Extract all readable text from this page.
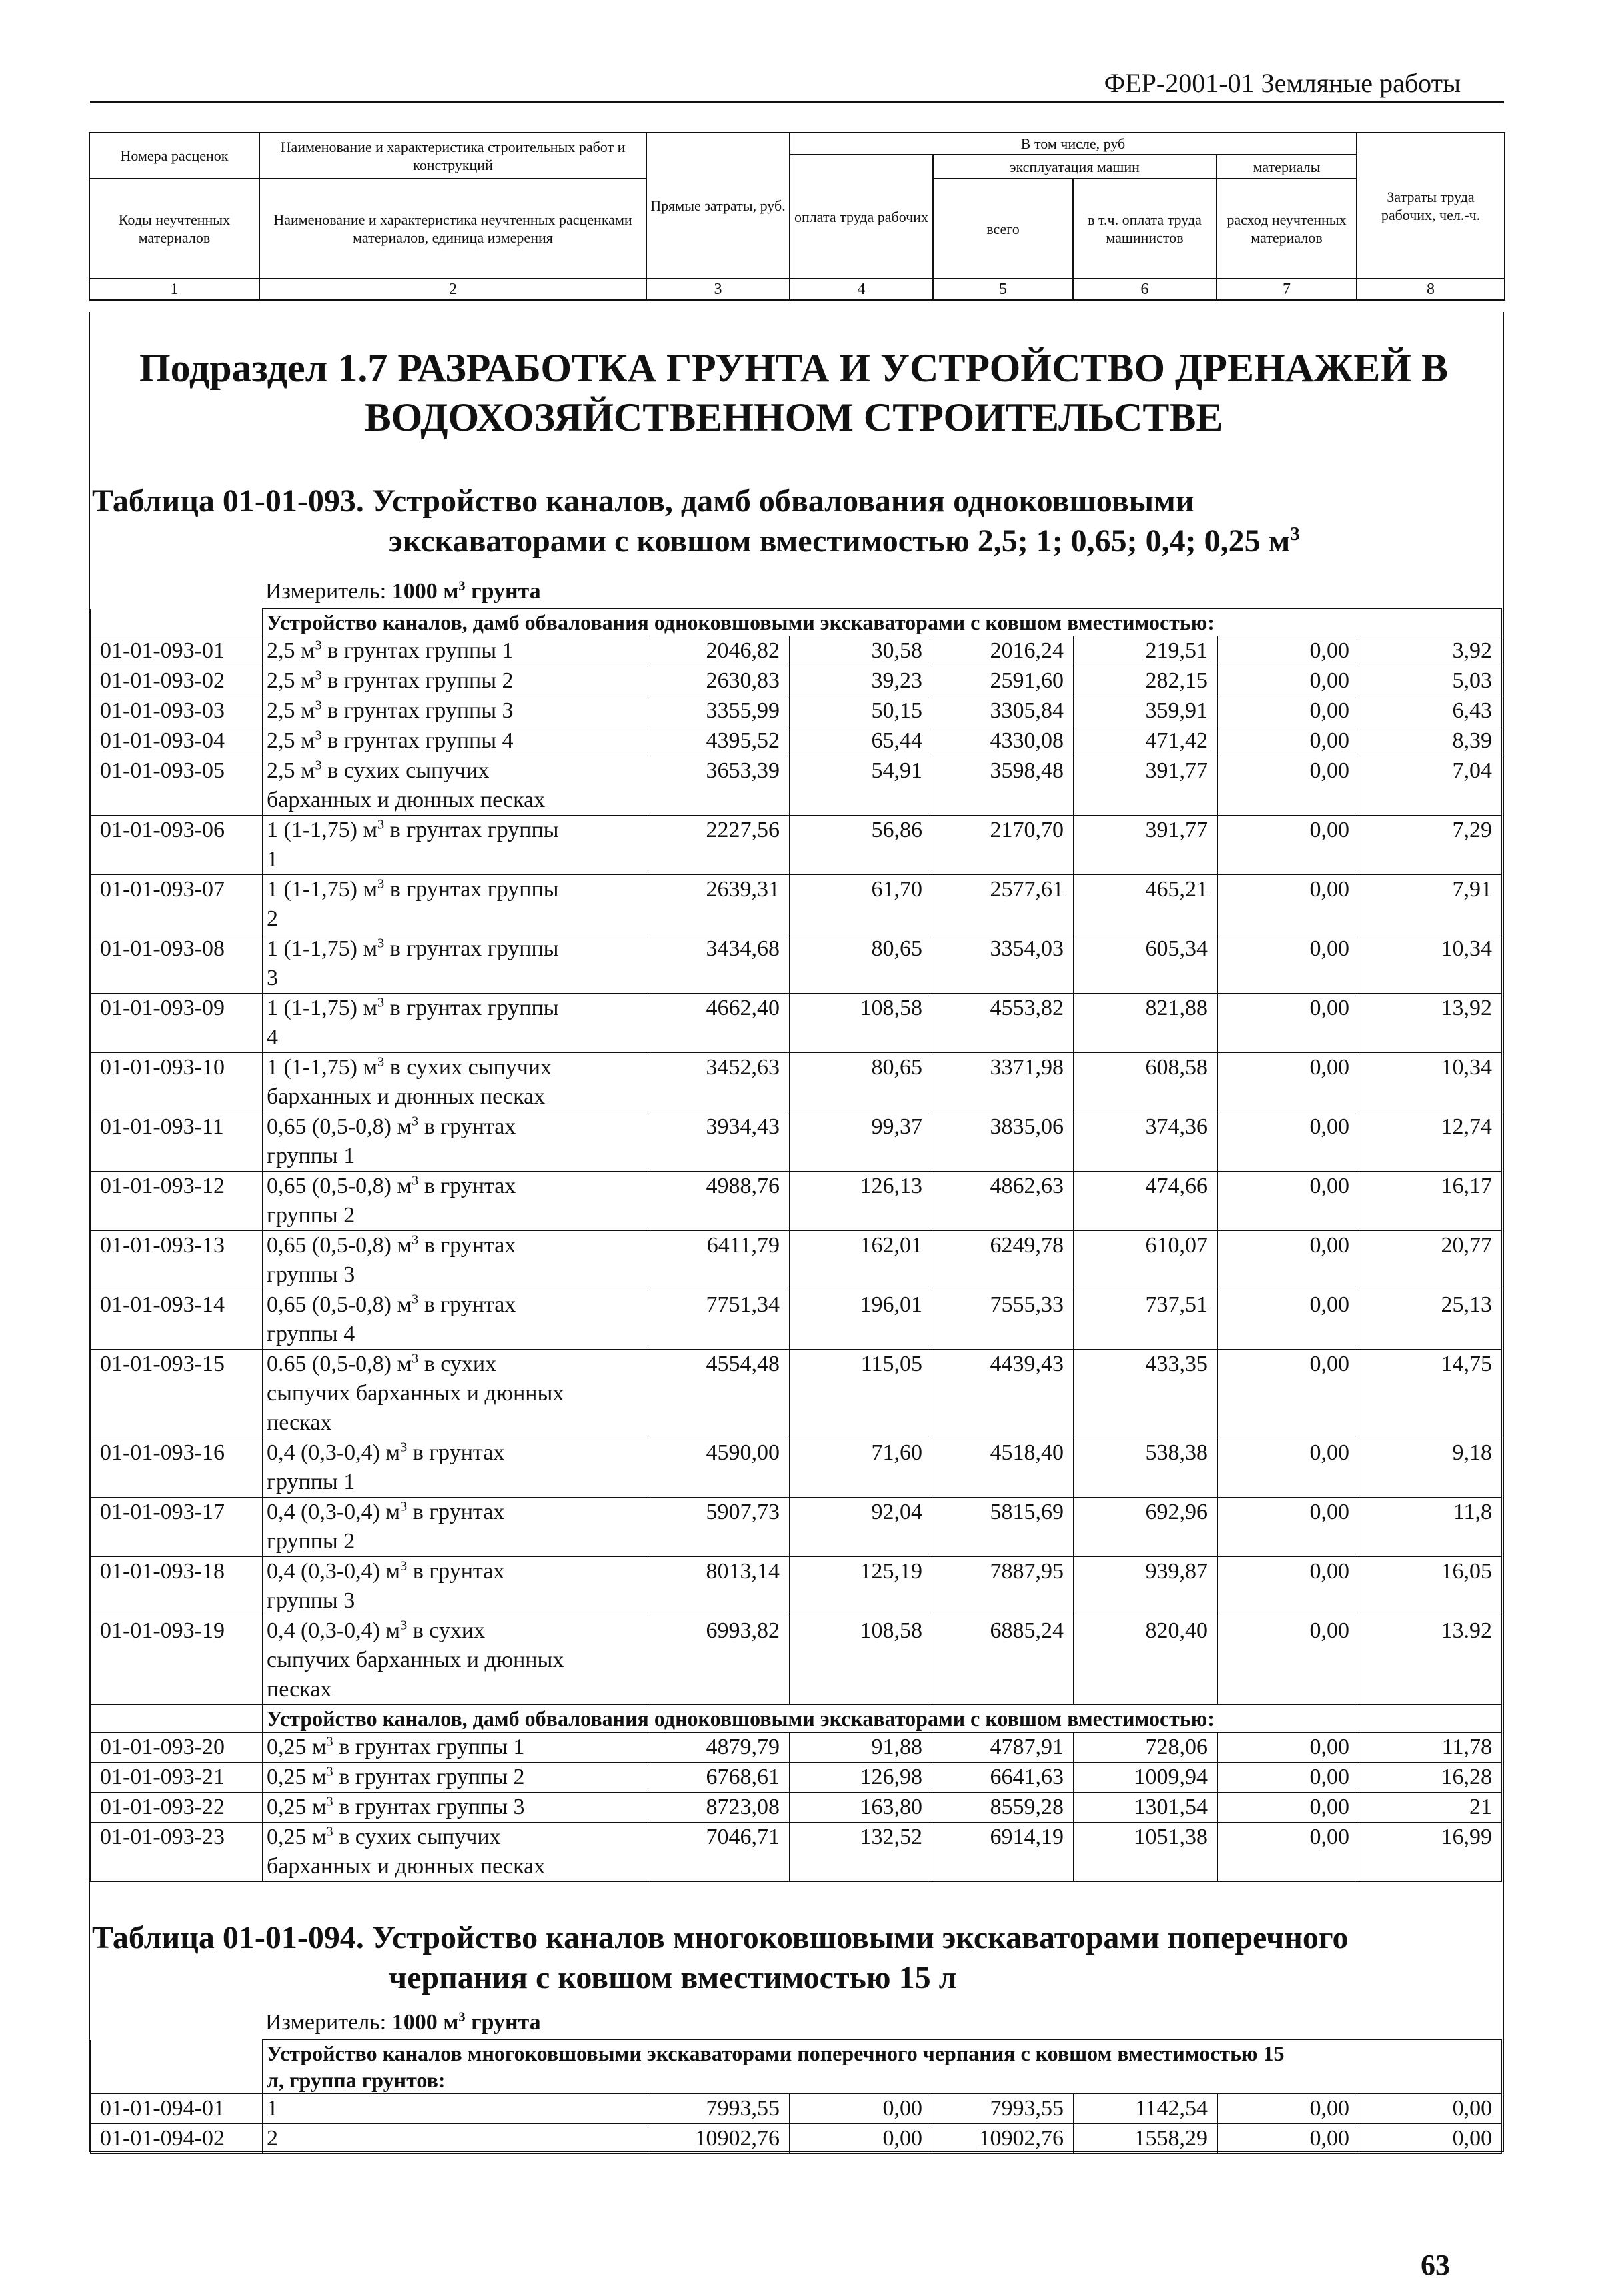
ФЕР-2001-01 Земляные работы
Номера расценок	Наименование и характеристика строительных работ и конструкций	Прямые затраты, руб.	В том числе, руб				Затраты труда рабочих, чел.-ч.
			оплата труда рабочих	эксплуатация машин		материалы	
Коды неучтенных материалов	Наименование и характеристика неучтенных расценками материалов, единица измерения			всего	в т.ч. оплата труда машинистов	расход неучтенных материалов	

1	2	3	4	5	6	7	8
Подраздел 1.7 РАЗРАБОТКА ГРУНТА И УСТРОЙСТВО ДРЕНАЖЕЙ В ВОДОХОЗЯЙСТВЕННОМ СТРОИТЕЛЬСТВЕ
Таблица 01-01-093. Устройство каналов, дамб обвалования одноковшовыми
экскаваторами с ковшом вместимостью 2,5; 1; 0,65; 0,4; 0,25 $м^3$
Измеритель: 1000 $м^3$ грунта
	Устройство каналов, дамб обвалования одноковшовыми экскаваторами с ковшом вместимостью:						
01-01-093-01	2,5 $м^3$ в грунтах группы 1	2046,82	30,58	2016,24	219,51	0,00	3,92
01-01-093-02	2,5 $м^3$ в грунтах группы 2	2630,83	39,23	2591,60	282,15	0,00	5,03
01-01-093-03	2,5 $м^3$ в грунтах группы 3	3355,99	50,15	3305,84	359,91	0,00	6,43
01-01-093-04	2,5 $м^3$ в грунтах группы 4	4395,52	65,44	4330,08	471,42	0,00	8,39
01-01-093-05	2,5 $м^3$ в сухих сыпучих
барханных и дюнных песках	3653,39	54,91	3598,48	391,77	0,00	7,04
01-01-093-06	1 (1-1,75) $м^3$ в грунтах группы
1	2227,56	56,86	2170,70	391,77	0,00	7,29
01-01-093-07	1 (1-1,75) $м^3$ в грунтах группы
2	2639,31	61,70	2577,61	465,21	0,00	7,91
01-01-093-08	1 (1-1,75) $м^3$ в грунтах группы
3	3434,68	80,65	3354,03	605,34	0,00	10,34
01-01-093-09	1 (1-1,75) $м^3$ в грунтах группы
4	4662,40	108,58	4553,82	821,88	0,00	13,92
01-01-093-10	1 (1-1,75) $м^3$ в сухих сыпучих
барханных и дюнных песках	3452,63	80,65	3371,98	608,58	0,00	10,34
01-01-093-11	0,65 (0,5-0,8) $м^3$ в грунтах
группы 1	3934,43	99,37	3835,06	374,36	0,00	12,74
01-01-093-12	0,65 (0,5-0,8) $м^3$ в грунтах
группы 2	4988,76	126,13	4862,63	474,66	0,00	16,17
01-01-093-13	0,65 (0,5-0,8) $м^3$ в грунтах
группы 3	6411,79	162,01	6249,78	610,07	0,00	20,77
01-01-093-14	0,65 (0,5-0,8) $м^3$ в грунтах
группы 4	7751,34	196,01	7555,33	737,51	0,00	25,13
01-01-093-15	0.65 (0,5-0,8) $м^3$ в сухих
сыпучих барханных и дюнных
песках	4554,48	115,05	4439,43	433,35	0,00	14,75
01-01-093-16	0,4 (0,3-0,4) $м^3$ в грунтах
группы 1	4590,00	71,60	4518,40	538,38	0,00	9,18
01-01-093-17	0,4 (0,3-0,4) $м^3$ в грунтах
группы 2	5907,73	92,04	5815,69	692,96	0,00	11,8
01-01-093-18	0,4 (0,3-0,4) $м^3$ в грунтах
группы 3	8013,14	125,19	7887,95	939,87	0,00	16,05
01-01-093-19	0,4 (0,3-0,4) $м^3$ в сухих
сыпучих барханных и дюнных
песках	6993,82	108,58	6885,24	820,40	0,00	13.92
	Устройство каналов, дамб обвалования одноковшовыми экскаваторами с ковшом вместимостью:						
01-01-093-20	0,25 $м^3$ в грунтах группы 1	4879,79	91,88	4787,91	728,06	0,00	11,78
01-01-093-21	0,25 $м^3$ в грунтах группы 2	6768,61	126,98	6641,63	1009,94	0,00	16,28
01-01-093-22	0,25 $м^3$ в грунтах группы 3	8723,08	163,80	8559,28	1301,54	0,00	21
01-01-093-23	0,25 $м^3$ в сухих сыпучих
барханных и дюнных песках	7046,71	132,52	6914,19	1051,38	0,00	16,99
Таблица 01-01-094. Устройство каналов многоковшовыми экскаваторами поперечного
черпания с ковшом вместимостью 15 л
Измеритель: 1000 $м^3$ грунта
	Устройство каналов многоковшовыми экскаваторами поперечного черпания с ковшом вместимостью 15
л, группа грунтов:						
01-01-094-01	1	7993,55	0,00	7993,55	1142,54	0,00	0,00
01-01-094-02	2	10902,76	0,00	10902,76	1558,29	0,00	0,00
63
